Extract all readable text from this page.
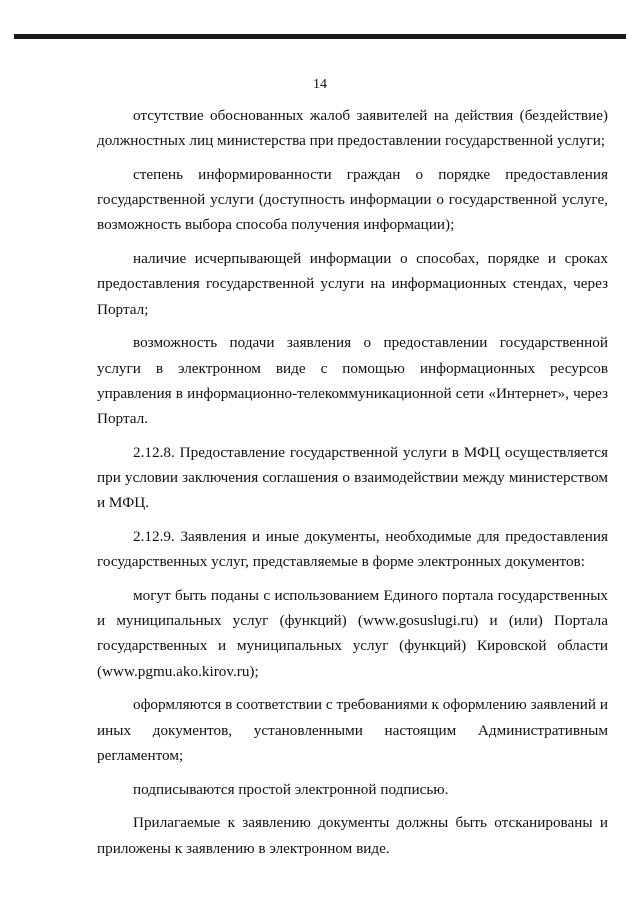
14

отсутствие обоснованных жалоб заявителей на действия (бездействие) должностных лиц министерства при предоставлении государственной услуги;

степень информированности граждан о порядке предоставления государственной услуги (доступность информации о государственной услуге, возможность выбора способа получения информации);

наличие исчерпывающей информации о способах, порядке и сроках предоставления государственной услуги на информационных стендах, через Портал;

возможность подачи заявления о предоставлении государственной услуги в электронном виде с помощью информационных ресурсов управления в информационно-телекоммуникационной сети «Интернет», через Портал.

2.12.8. Предоставление государственной услуги в МФЦ осуществляется при условии заключения соглашения о взаимодействии между министерством и МФЦ.

2.12.9. Заявления и иные документы, необходимые для предоставления государственных услуг, представляемые в форме электронных документов:

могут быть поданы с использованием Единого портала государственных и муниципальных услуг (функций) (www.gosuslugi.ru) и (или) Портала государственных и муниципальных услуг (функций) Кировской области (www.pgmu.ako.kirov.ru);

оформляются в соответствии с требованиями к оформлению заявлений и иных документов, установленными настоящим Административным регламентом;

подписываются простой электронной подписью.

Прилагаемые к заявлению документы должны быть отсканированы и приложены к заявлению в электронном виде.
